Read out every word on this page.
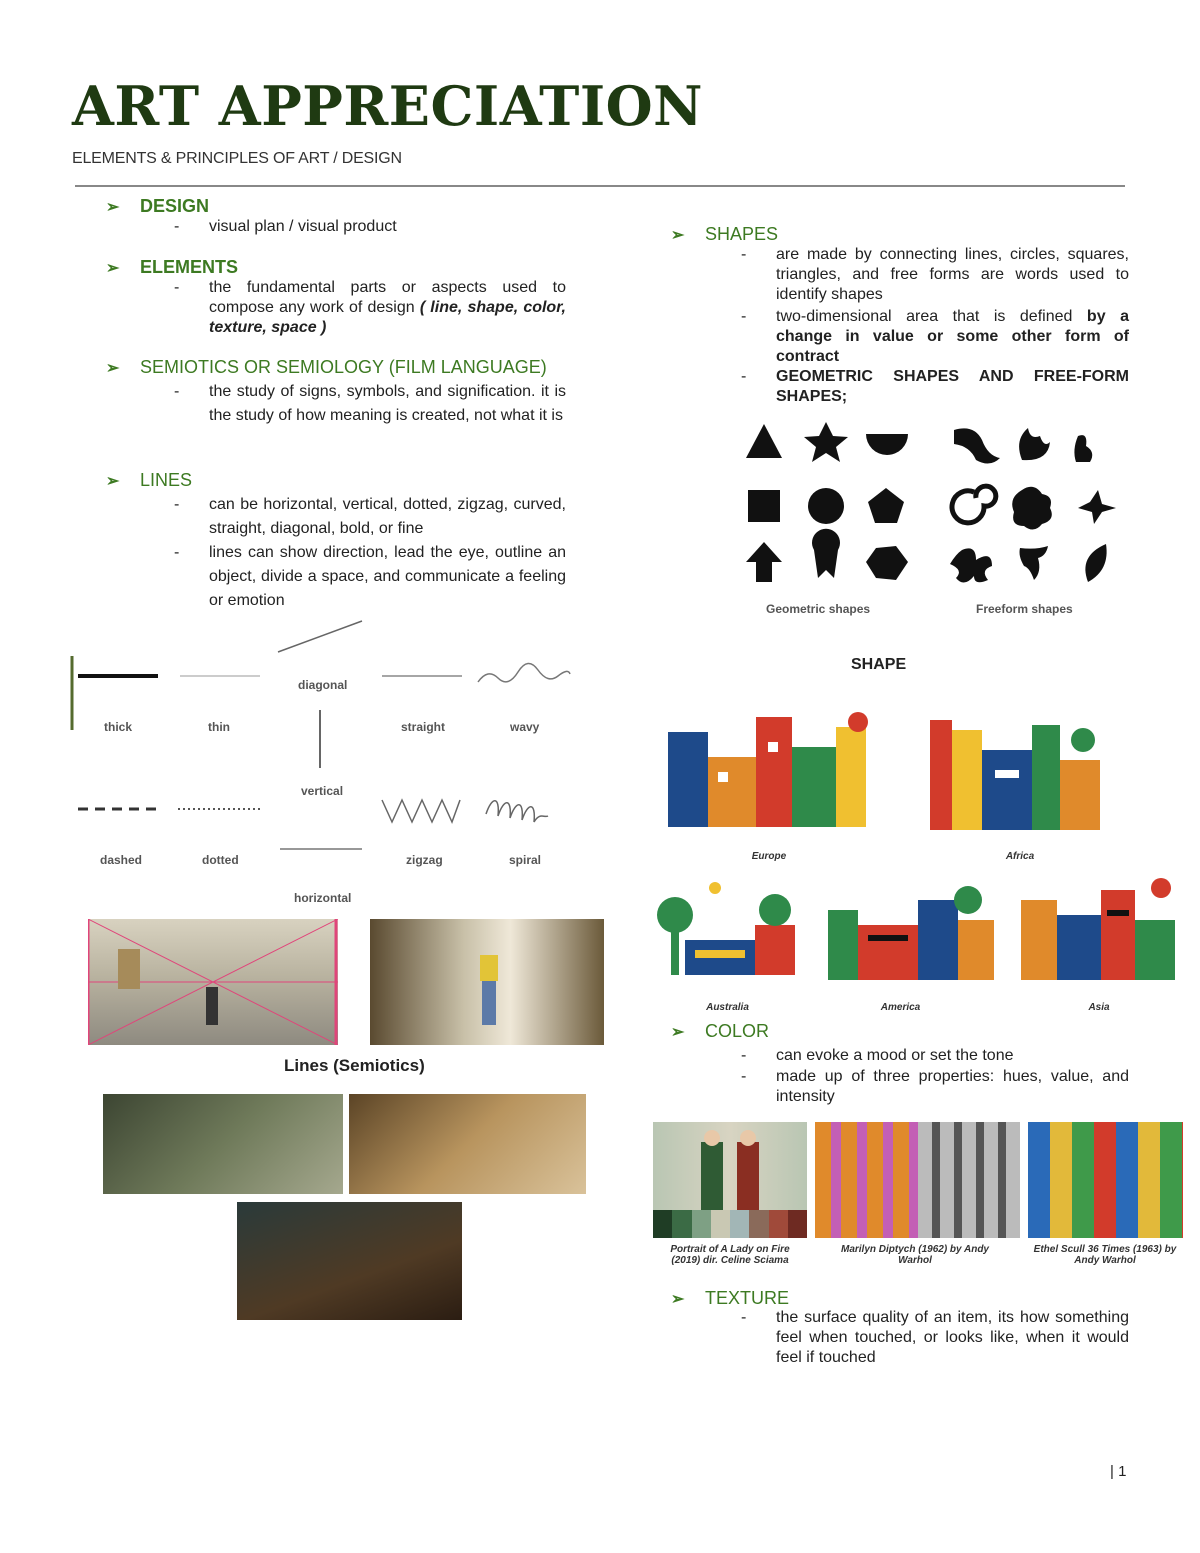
ART APPRECIATION
ELEMENTS & PRINCIPLES OF ART / DESIGN
➢	DESIGN
-	visual plan / visual product
➢	ELEMENTS
-	the fundamental parts or aspects used to compose any work of design ( line, shape, color, texture, space )
➢	SEMIOTICS OR SEMIOLOGY (FILM LANGUAGE)
-	the study of signs, symbols, and signification. it is the study of how meaning is created, not what it is
➢	LINES
-	can be horizontal, vertical, dotted, zigzag, curved, straight, diagonal, bold, or fine
-	lines can show direction, lead the eye, outline an object, divide a space, and communicate a feeling or emotion
thick	thin
diagonal
straight	wavy
vertical
dashed	dotted	zigzag	spiral
horizontal
Lines (Semiotics)
➢	SHAPES
-	are made by connecting lines, circles, squares, triangles, and free forms are words used to identify shapes
-	two-dimensional area that is defined by a change in value or some other form of contract
-	GEOMETRIC SHAPES AND FREE-FORM SHAPES;
Geometric shapes	Freeform shapes
SHAPE
Europe	Africa
Australia	America	Asia
➢	COLOR
-	can evoke a mood or set the tone
-	made up of three properties: hues, value, and intensity
Portrait of A Lady on Fire (2019) dir. Celine Sciama
Marilyn Diptych (1962) by Andy Warhol
Ethel Scull 36 Times (1963) by Andy Warhol
➢	TEXTURE
-	the surface quality of an item, its how something feel when touched, or looks like, when it would feel if touched
| 1
